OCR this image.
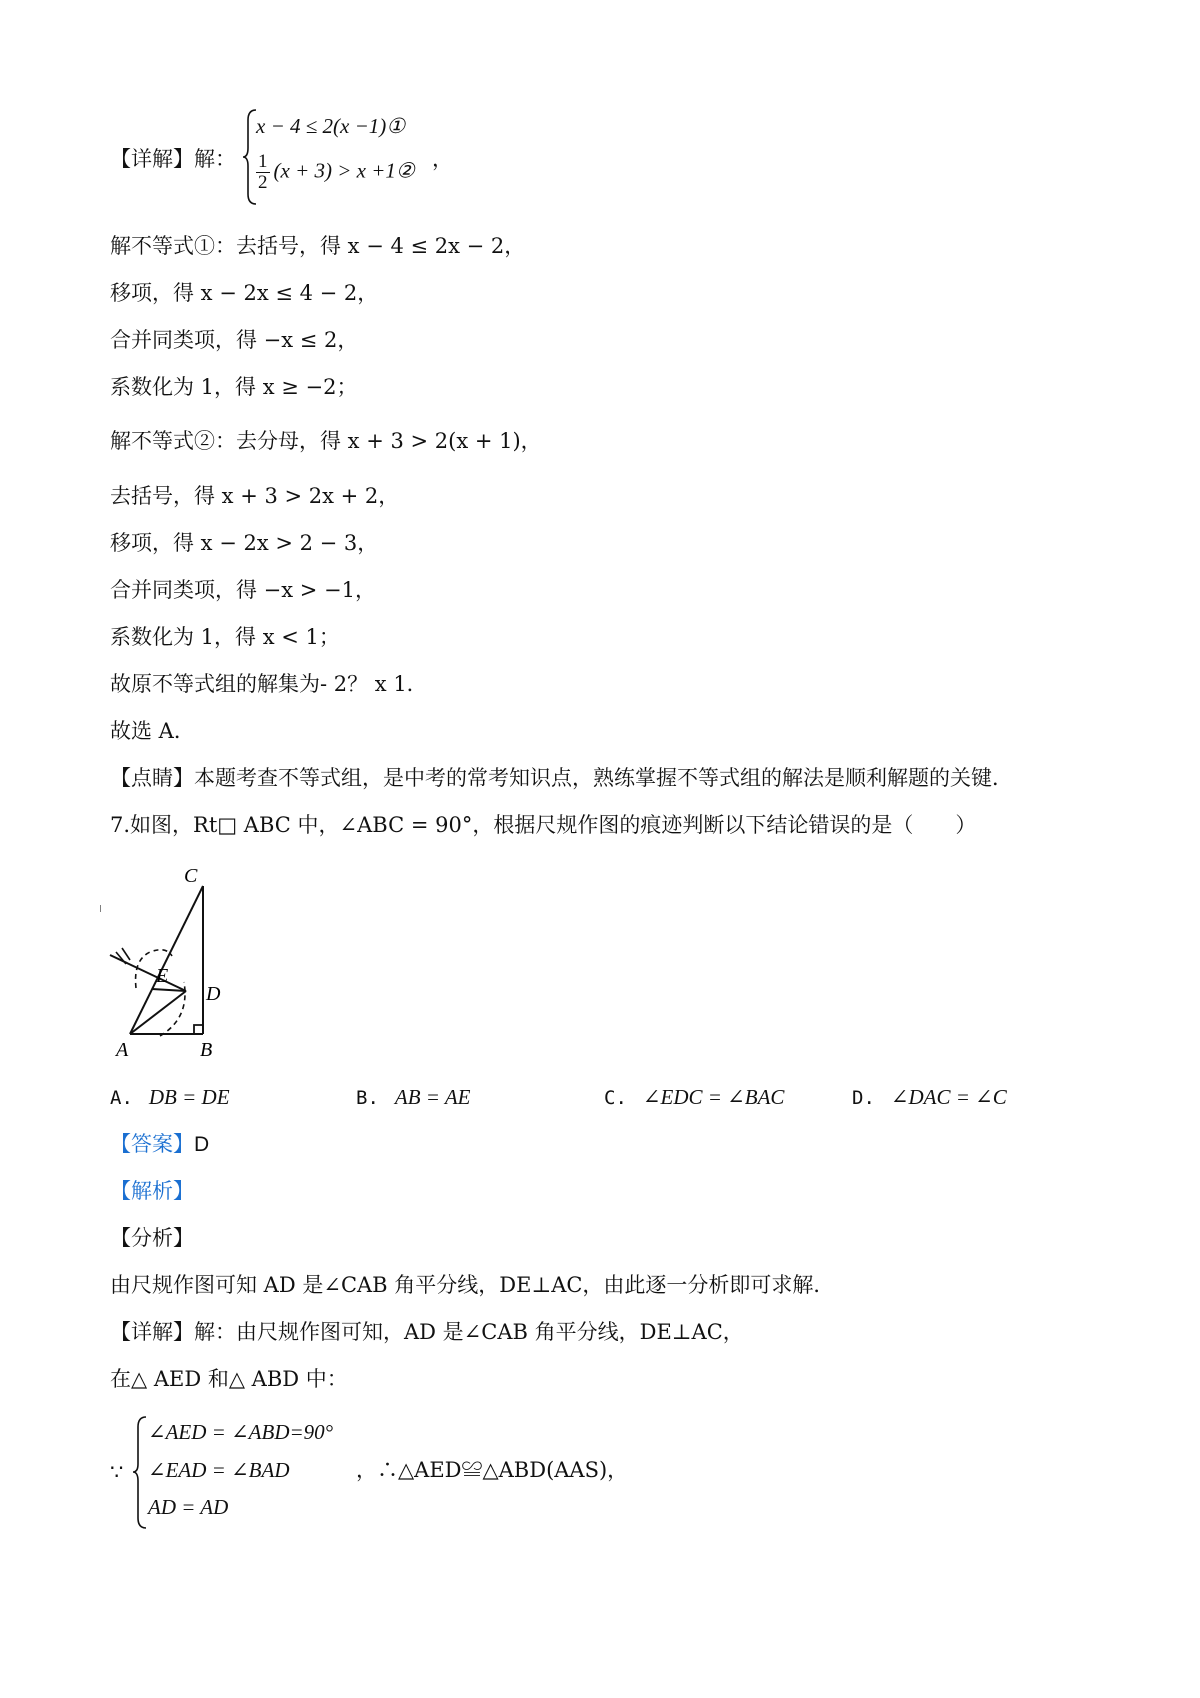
【详解】解：
x − 4 ≤ 2(x −1)①
$\frac{1}{2} (x + 3) > x$ +1② ，
解不等式①：去括号，得 x − 4 ≤ 2x − 2，
移项，得 x − 2x ≤ 4 − 2，
合并同类项，得 −x ≤ 2，
系数化为 1，得 x ≥ −2；
解不等式②：去分母，得 x + 3 > 2(x + 1)，
去括号，得 x + 3 > 2x + 2，
移项，得 x − 2x > 2 − 3，
合并同类项，得 −x > −1，
系数化为 1，得 x < 1；
故原不等式组的解集为- 2？ x 1．
故选 A．
【点睛】本题考查不等式组，是中考的常考知识点，熟练掌握不等式组的解法是顺利解题的关键．
7.如图，Rt□ ABC 中，∠ABC = 90°，根据尺规作图的痕迹判断以下结论错误的是（　　）
C
E
D
A	B
A. DB = DE	B. AB = AE	C. ∠EDC = ∠BAC	D. ∠DAC = ∠C
【答案】D
【解析】
【分析】
由尺规作图可知 AD 是∠CAB 角平分线，DE⊥AC，由此逐一分析即可求解．
【详解】解：由尺规作图可知，AD 是∠CAB 角平分线，DE⊥AC，
在△ AED 和△ ABD 中：
∵
∠AED = ∠ABD=90°
∠EAD = ∠BAD
AD = AD
，∴△AED≌△ABD(AAS)，
